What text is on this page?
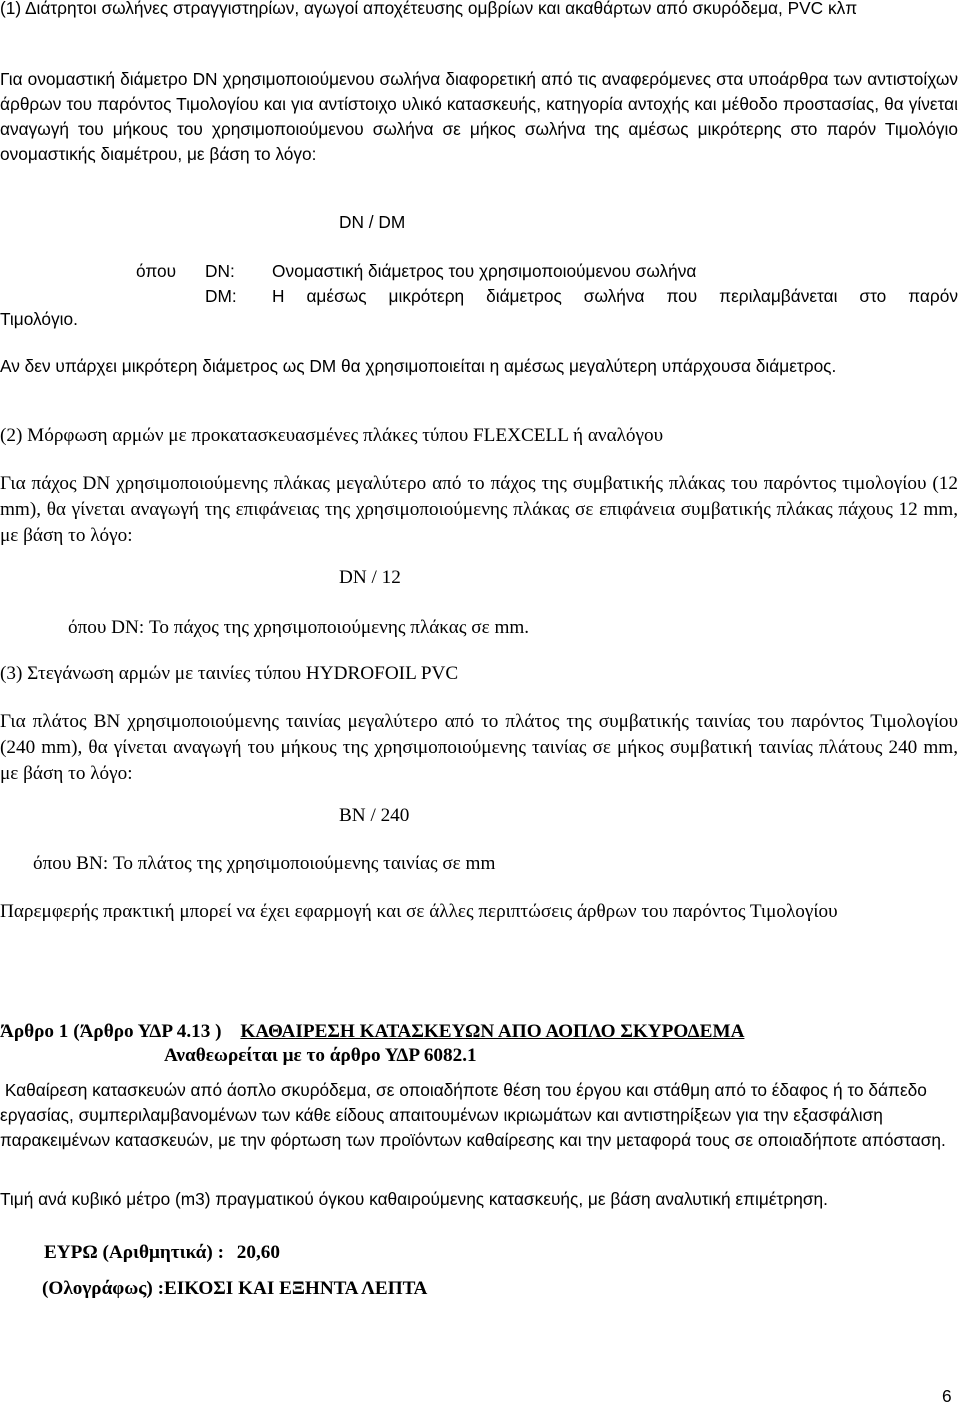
(1) Διάτρητοι σωλήνες στραγγιστηρίων, αγωγοί αποχέτευσης ομβρίων και ακαθάρτων από σκυρόδεμα, PVC κλπ

Για ονομαστική διάμετρο DN χρησιμοποιούμενου σωλήνα διαφορετική από τις αναφερόμενες στα υποάρθρα των αντιστοίχων άρθρων του παρόντος Τιμολογίου και για αντίστοιχο υλικό κατασκευής, κατηγορία αντοχής και μέθοδο προστασίας, θα γίνεται αναγωγή του μήκους του χρησιμοποιούμενου σωλήνα σε μήκος σωλήνα της αμέσως μικρότερης στο παρόν Τιμολόγιο ονομαστικής διαμέτρου, με βάση το λόγο:

DN / DM

όπου DN: Ονομαστική διάμετρος του χρησιμοποιούμενου σωλήνα

DM: Η αμέσως μικρότερη διάμετρος σωλήνα που περιλαμβάνεται στο παρόν

Τιμολόγιο.

Αν δεν υπάρχει μικρότερη διάμετρος ως DM θα χρησιμοποιείται η αμέσως μεγαλύτερη υπάρχουσα διάμετρος.

(2) Μόρφωση αρμών με προκατασκευασμένες πλάκες τύπου FLEXCELL ή αναλόγου

Για πάχος DN χρησιμοποιούμενης πλάκας μεγαλύτερο από το πάχος της συμβατικής πλάκας του παρόντος τιμολογίου (12 mm), θα γίνεται αναγωγή της επιφάνειας της χρησιμοποιούμενης πλάκας σε επιφάνεια συμβατικής πλάκας πάχους 12 mm, με βάση το λόγο:

DN / 12

όπου DN: Το πάχος της χρησιμοποιούμενης πλάκας σε mm.

(3) Στεγάνωση αρμών με ταινίες τύπου HYDROFOIL PVC

Για πλάτος BN χρησιμοποιούμενης ταινίας μεγαλύτερο από το πλάτος της συμβατικής ταινίας του παρόντος Τιμολογίου (240 mm), θα γίνεται αναγωγή του μήκους της χρησιμοποιούμενης ταινίας σε μήκος συμβατική ταινίας πλάτους 240 mm, με βάση το λόγο:

BN / 240

όπου BN: Το πλάτος της χρησιμοποιούμενης ταινίας σε mm

Παρεμφερής πρακτική μπορεί να έχει εφαρμογή και σε άλλες περιπτώσεις άρθρων του παρόντος Τιμολογίου

Άρθρο 1 (Άρθρο ΥΔΡ 4.13 ) ΚΑΘΑΙΡΕΣΗ ΚΑΤΑΣΚΕΥΩΝ ΑΠΟ ΑΟΠΛΟ ΣΚΥΡΟΔΕΜΑ

Αναθεωρείται με το άρθρο ΥΔΡ 6082.1

Καθαίρεση κατασκευών από άοπλο σκυρόδεμα, σε οποιαδήποτε θέση του έργου και στάθμη από το έδαφος ή το δάπεδο εργασίας, συμπεριλαμβανομένων των κάθε είδους απαιτουμένων ικριωμάτων και αντιστηρίξεων για την εξασφάλιση παρακειμένων κατασκευών, με την φόρτωση των προϊόντων καθαίρεσης και την μεταφορά τους σε οποιαδήποτε απόσταση.

Τιμή ανά κυβικό μέτρο (m3) πραγματικού όγκου καθαιρούμενης κατασκευής, με βάση αναλυτική επιμέτρηση.

ΕΥΡΩ (Αριθμητικά) : 20,60

(Ολογράφως) :ΕΙΚΟΣΙ ΚΑΙ ΕΞΗΝΤΑ ΛΕΠΤΑ

6
